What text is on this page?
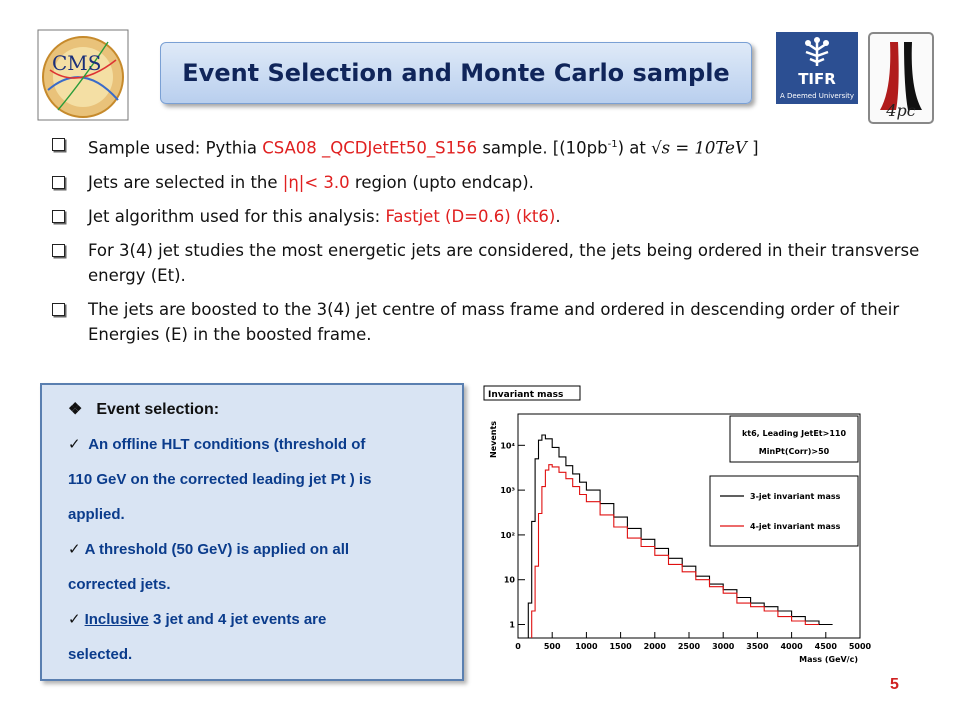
CMS	Event Selection and Monte Carlo sample	TIFR
A Deemed University
4pc
Sample used: Pythia CSA08 _QCDJetEt50_S156 sample. [$(10pb^{-1})$ at √s = 10TeV ]
Jets are selected in the |η|< 3.0 region (upto endcap).
Jet algorithm used for this analysis: Fastjet (D=0.6) (kt6).
For 3(4) jet studies the most energetic jets are considered, the jets being ordered in their transverse energy (Et).
The jets are boosted to the 3(4) jet centre of mass frame and ordered in descending order of their Energies (E) in the boosted frame.
❖ Event selection:
✓ An offline HLT conditions (threshold of
110 GeV on the corrected leading jet Pt ) is
applied.
✓ A threshold (50 GeV) is applied on all
corrected jets.
✓ Inclusive 3 jet and 4 jet events are
selected.
Invariant mass
1
10
10²
10³
10⁴
0	500 1000 1500 2000 2500 3000 3500 4000 4500 5000
Nevents
Mass (GeV/c)
kt6, Leading JetEt>110
MinPt(Corr)>50
3-jet invariant mass
4-jet invariant mass
5
